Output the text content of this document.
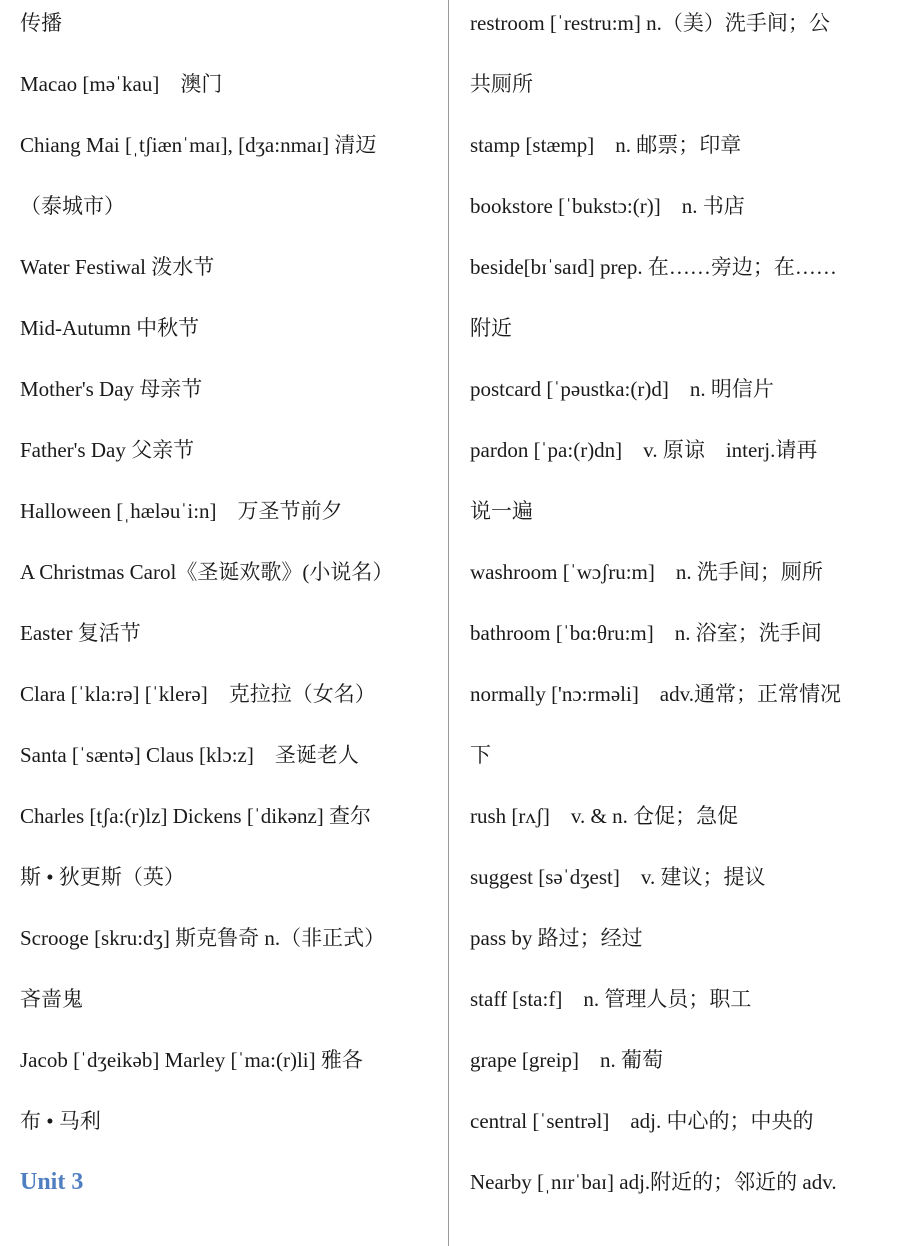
传播
Macao [məˈkau]　澳门
Chiang Mai [ˌtʃiænˈmaɪ], [dʒa:nmaɪ] 清迈
（泰城市）
Water Festiwal 泼水节
Mid-Autumn 中秋节
Mother's Day 母亲节
Father's Day 父亲节
Halloween [ˌhæləuˈi:n]　万圣节前夕
A Christmas Carol《圣诞欢歌》(小说名）
Easter 复活节
Clara [ˈkla:rə] [ˈklerə]　克拉拉（女名）
Santa [ˈsæntə] Claus [klɔ:z]　圣诞老人
Charles [tʃa:(r)lz] Dickens [ˈdikənz] 查尔
斯 • 狄更斯（英）
Scrooge [skru:dʒ] 斯克鲁奇 n.（非正式）
吝啬鬼
Jacob [ˈdʒeikəb] Marley [ˈma:(r)li] 雅各
布 • 马利
Unit 3
restroom [ˈrestru:m] n.（美）洗手间；公
共厕所
stamp [stæmp]　n. 邮票；印章
bookstore [ˈbukstɔ:(r)]　n. 书店
beside[bɪˈsaɪd] prep. 在……旁边；在……
附近
postcard [ˈpəustka:(r)d]　n. 明信片
pardon [ˈpa:(r)dn]　v. 原谅　interj.请再
说一遍
washroom [ˈwɔʃru:m]　n. 洗手间；厕所
bathroom [ˈbɑ:θru:m]　n. 浴室；洗手间
normally ['nɔ:rməli]　adv.通常；正常情况
下
rush [rʌʃ]　v. & n. 仓促；急促
suggest [səˈdʒest]　v. 建议；提议
pass by 路过；经过
staff [sta:f]　n. 管理人员；职工
grape [greip]　n. 葡萄
central [ˈsentrəl]　adj. 中心的；中央的
Nearby [ˌnɪrˈbaɪ] adj.附近的；邻近的 adv.
